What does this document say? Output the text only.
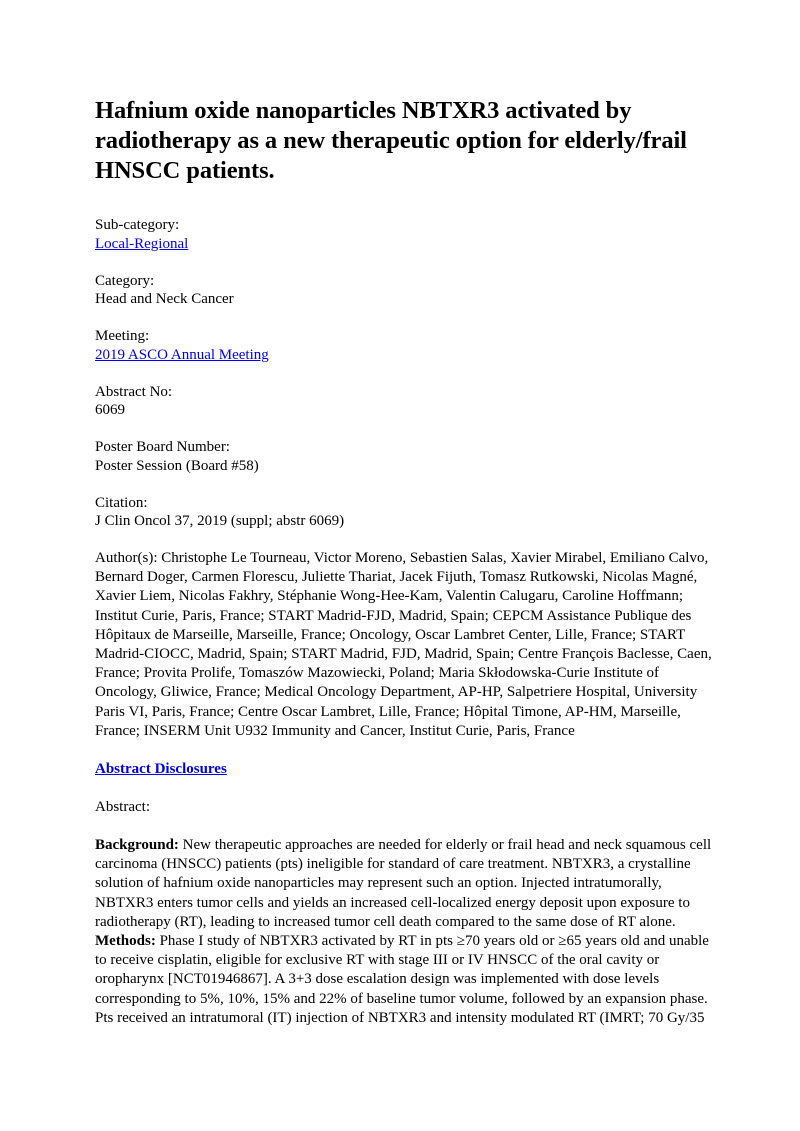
Hafnium oxide nanoparticles NBTXR3 activated by radiotherapy as a new therapeutic option for elderly/frail HNSCC patients.
Sub-category:
Local-Regional
Category:
Head and Neck Cancer
Meeting:
2019 ASCO Annual Meeting
Abstract No:
6069
Poster Board Number:
Poster Session (Board #58)
Citation:
J Clin Oncol 37, 2019 (suppl; abstr 6069)

Author(s): Christophe Le Tourneau, Victor Moreno, Sebastien Salas, Xavier Mirabel, Emiliano Calvo, Bernard Doger, Carmen Florescu, Juliette Thariat, Jacek Fijuth, Tomasz Rutkowski, Nicolas Magné, Xavier Liem, Nicolas Fakhry, Stéphanie Wong-Hee-Kam, Valentin Calugaru, Caroline Hoffmann; Institut Curie, Paris, France; START Madrid-FJD, Madrid, Spain; CEPCM Assistance Publique des Hôpitaux de Marseille, Marseille, France; Oncology, Oscar Lambret Center, Lille, France; START Madrid-CIOCC, Madrid, Spain; START Madrid, FJD, Madrid, Spain; Centre François Baclesse, Caen, France; Provita Prolife, Tomaszów Mazowiecki, Poland; Maria Skłodowska-Curie Institute of Oncology, Gliwice, France; Medical Oncology Department, AP-HP, Salpetriere Hospital, University Paris VI, Paris, France; Centre Oscar Lambret, Lille, France; Hôpital Timone, AP-HM, Marseille, France; INSERM Unit U932 Immunity and Cancer, Institut Curie, Paris, France

Abstract Disclosures

Abstract:

Background: New therapeutic approaches are needed for elderly or frail head and neck squamous cell carcinoma (HNSCC) patients (pts) ineligible for standard of care treatment. NBTXR3, a crystalline solution of hafnium oxide nanoparticles may represent such an option. Injected intratumorally, NBTXR3 enters tumor cells and yields an increased cell-localized energy deposit upon exposure to radiotherapy (RT), leading to increased tumor cell death compared to the same dose of RT alone. Methods: Phase I study of NBTXR3 activated by RT in pts ≥70 years old or ≥65 years old and unable to receive cisplatin, eligible for exclusive RT with stage III or IV HNSCC of the oral cavity or oropharynx [NCT01946867]. A 3+3 dose escalation design was implemented with dose levels corresponding to 5%, 10%, 15% and 22% of baseline tumor volume, followed by an expansion phase. Pts received an intratumoral (IT) injection of NBTXR3 and intensity modulated RT (IMRT; 70 Gy/35
